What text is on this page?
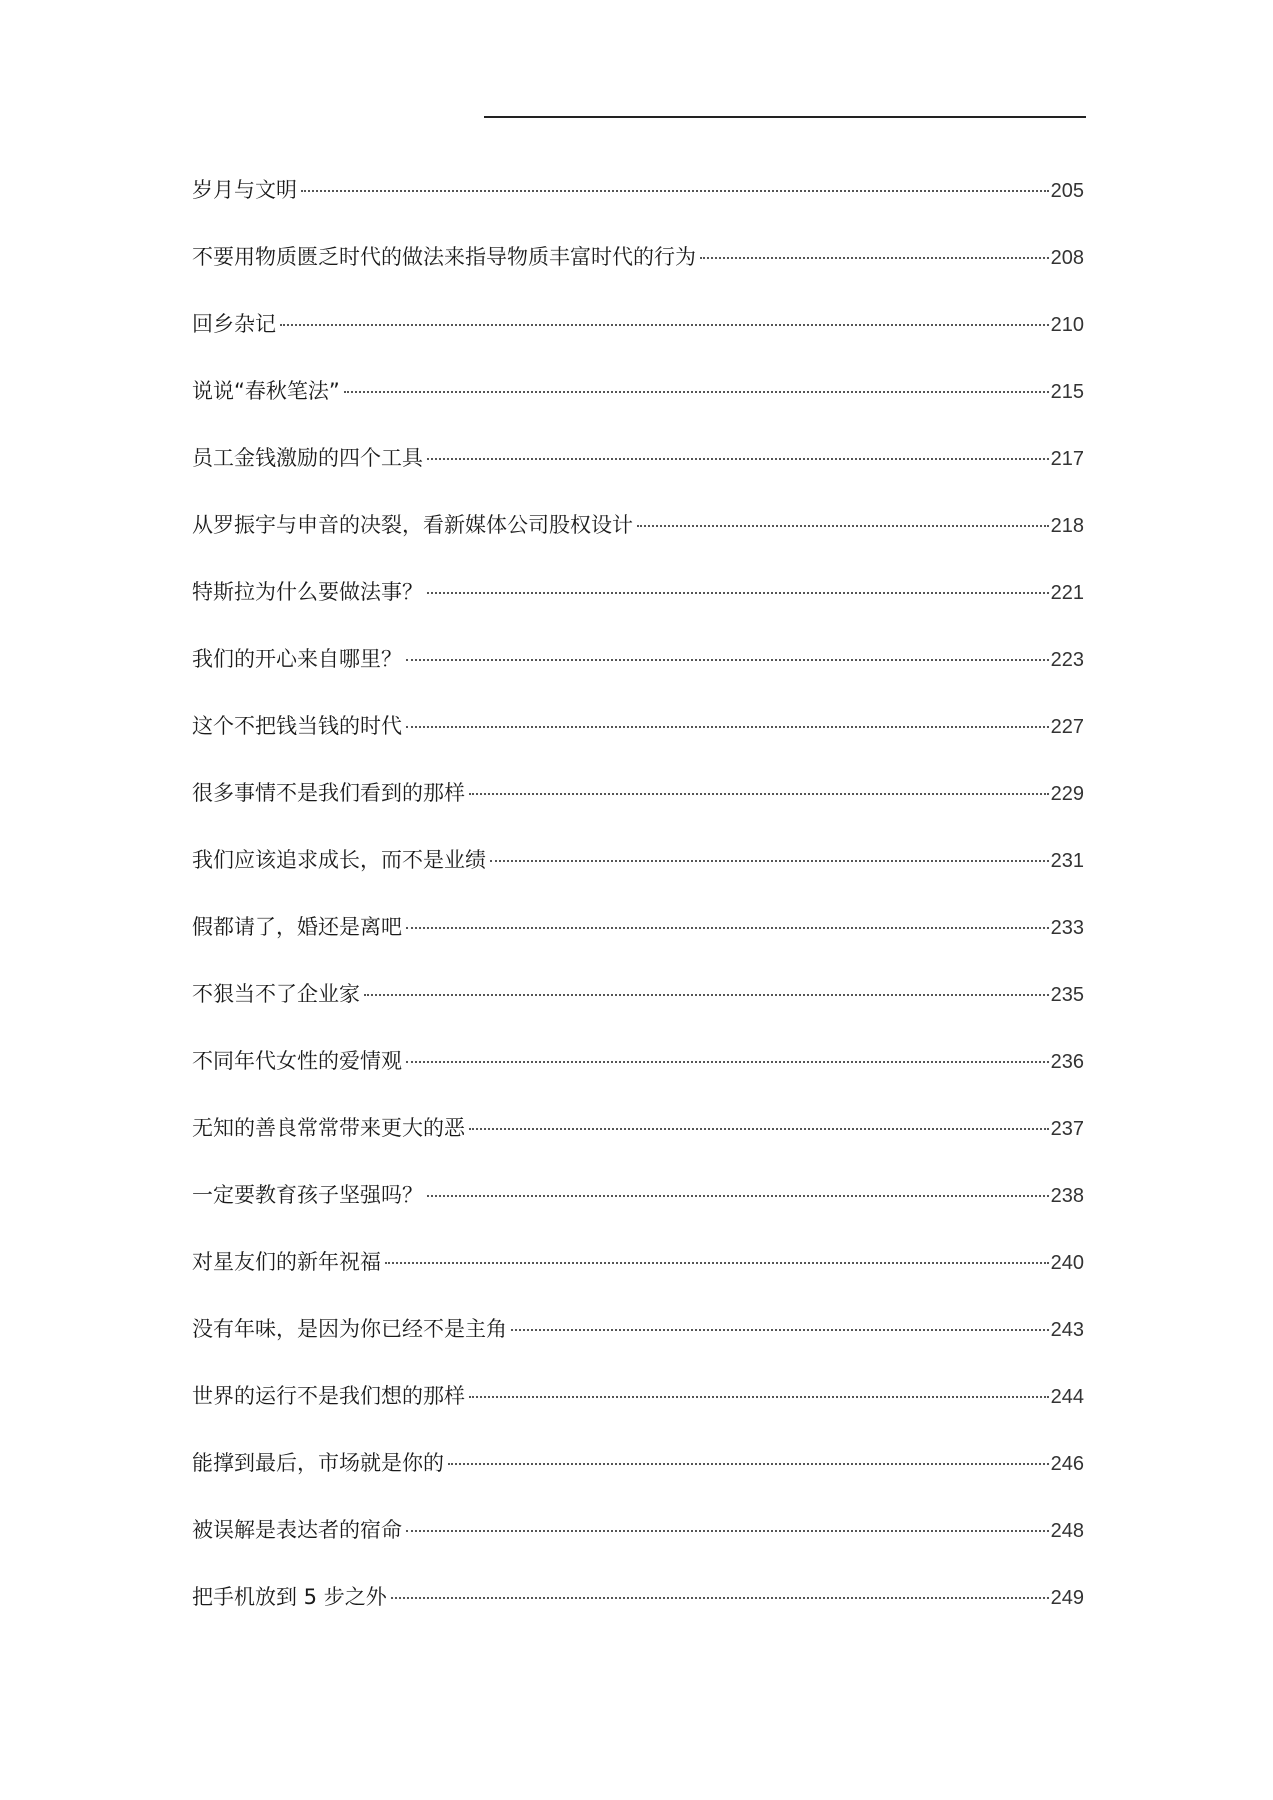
岁月与文明	205
不要用物质匮乏时代的做法来指导物质丰富时代的行为	208
回乡杂记	210
说说“春秋笔法”	215
员工金钱激励的四个工具	217
从罗振宇与申音的决裂，看新媒体公司股权设计	218
特斯拉为什么要做法事？	221
我们的开心来自哪里？	223
这个不把钱当钱的时代	227
很多事情不是我们看到的那样	229
我们应该追求成长，而不是业绩	231
假都请了，婚还是离吧	233
不狠当不了企业家	235
不同年代女性的爱情观	236
无知的善良常常带来更大的恶	237
一定要教育孩子坚强吗？	238
对星友们的新年祝福	240
没有年味，是因为你已经不是主角	243
世界的运行不是我们想的那样	244
能撑到最后，市场就是你的	246
被误解是表达者的宿命	248
把手机放到 5 步之外	249
